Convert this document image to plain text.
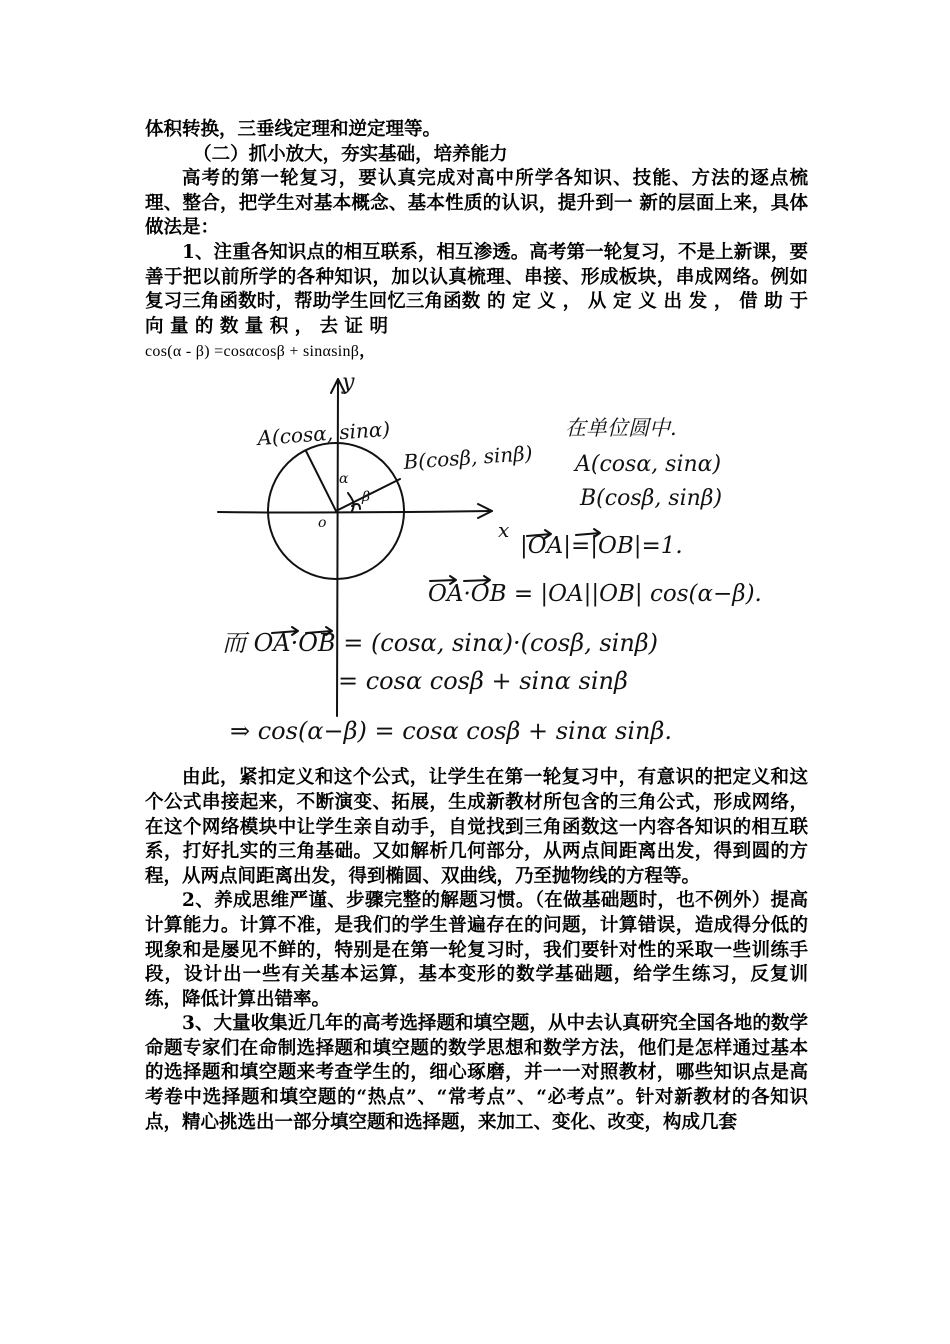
体积转换，三垂线定理和逆定理等。

（二）抓小放大，夯实基础，培养能力

高考的第一轮复习，要认真完成对高中所学各知识、技能、方法的逐点梳理、整合，把学生对基本概念、基本性质的认识，提升到一 新的层面上来，具体做法是：

1、注重各知识点的相互联系，相互渗透。高考第一轮复习，不是上新课，要善于把以前所学的各种知识，加以认真梳理、串接、形成板块，串成网络。例如复习三角函数时，帮助学生回忆三角函数 的 定 义 ， 从 定 义 出 发 ， 借 助 于 向 量 的 数 量 积 ， 去 证 明

cos(α - β) =cosαcosβ + sinαsinβ，

y
x
o
α
β
A(cosα, sinα)
B(cosβ, sinβ)
在单位圆中.
A(cosα, sinα)
B(cosβ, sinβ)
|OA|=|OB|=1.
OA·OB = |OA||OB| cos(α−β).
而 OA·OB = (cosα, sinα)·(cosβ, sinβ)
= cosα cosβ + sinα sinβ
⇒ cos(α−β) = cosα cosβ + sinα sinβ.

由此，紧扣定义和这个公式，让学生在第一轮复习中，有意识的把定义和这个公式串接起来，不断演变、拓展，生成新教材所包含的三角公式，形成网络，在这个网络模块中让学生亲自动手，自觉找到三角函数这一内容各知识的相互联系，打好扎实的三角基础。又如解析几何部分，从两点间距离出发，得到圆的方程，从两点间距离出发，得到椭圆、双曲线，乃至抛物线的方程等。

2、养成思维严谨、步骤完整的解题习惯。（在做基础题时，也不例外）提高计算能力。计算不准，是我们的学生普遍存在的问题，计算错误，造成得分低的现象和是屡见不鲜的，特别是在第一轮复习时，我们要针对性的采取一些训练手段，设计出一些有关基本运算，基本变形的数学基础题，给学生练习，反复训练，降低计算出错率。

3、大量收集近几年的高考选择题和填空题，从中去认真研究全国各地的数学命题专家们在命制选择题和填空题的数学思想和数学方法，他们是怎样通过基本的选择题和填空题来考查学生的，细心琢磨，并一一对照教材，哪些知识点是高考卷中选择题和填空题的“热点”、“常考点”、“必考点”。针对新教材的各知识点，精心挑选出一部分填空题和选择题，来加工、变化、改变，构成几套
